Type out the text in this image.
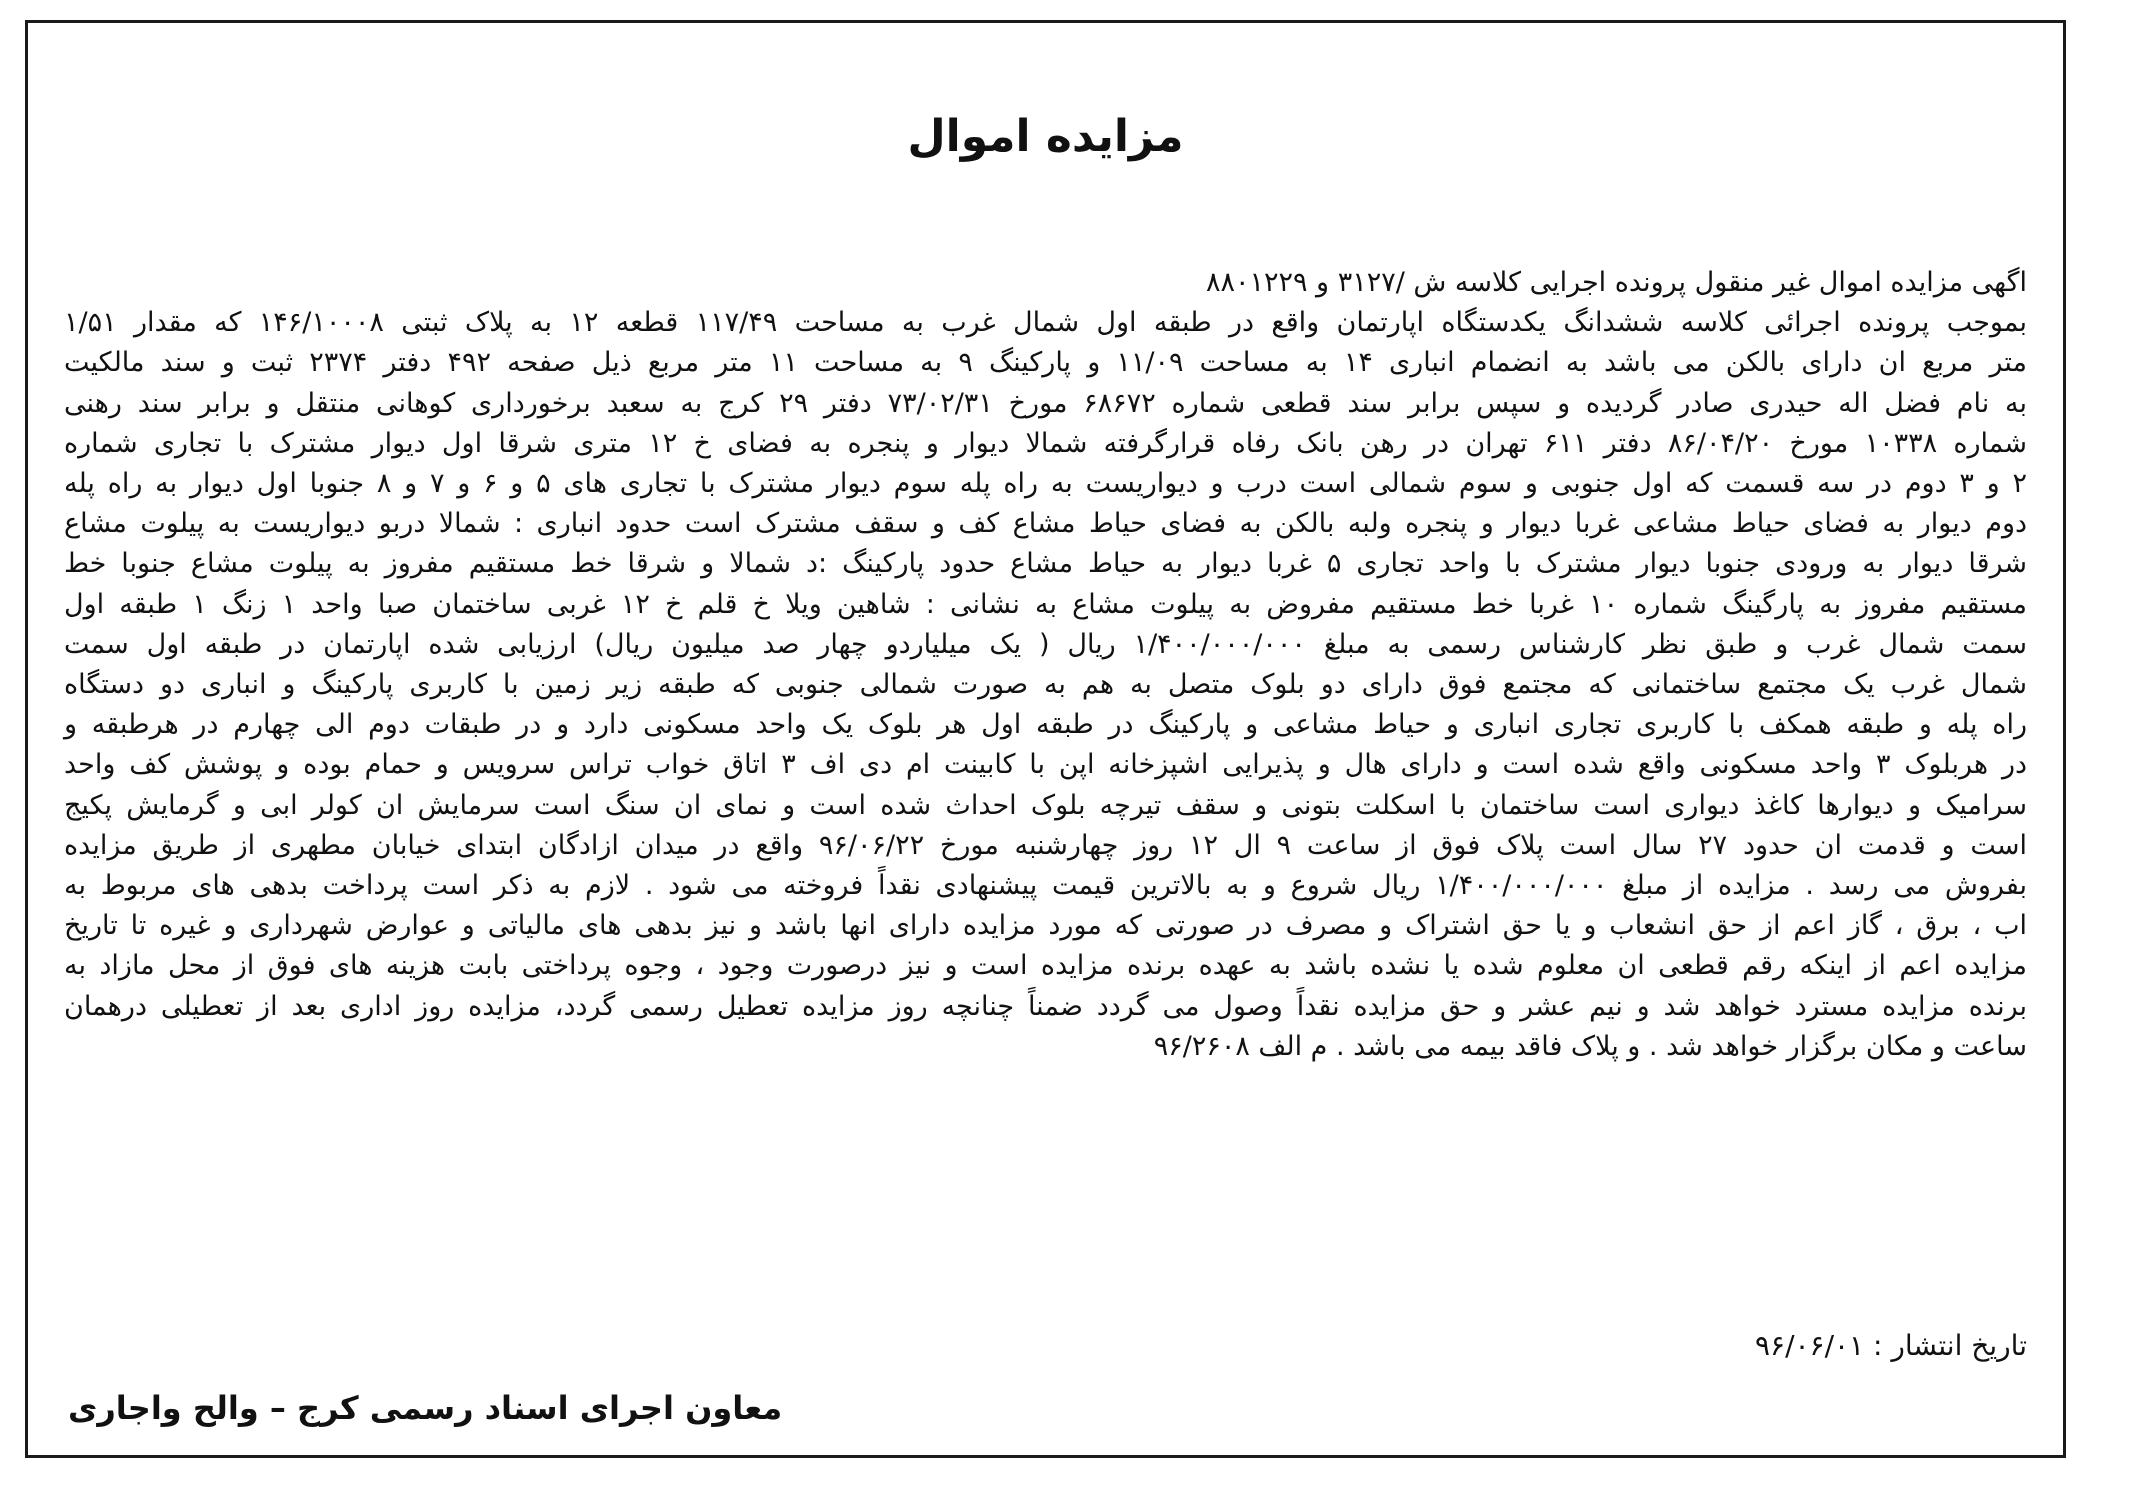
مزایده اموال
اگهی مزایده اموال غیر منقول پرونده اجرایی کلاسه ش /۳۱۲۷ و ۸۸۰۱۲۲۹
بموجب پرونده اجرائی کلاسه ششدانگ یکدستگاه اپارتمان واقع در طبقه اول شمال غرب به مساحت ۱۱۷/۴۹ قطعه ۱۲ به پلاک ثبتی ۱۴۶/۱۰۰۰۸ که مقدار ۱/۵۱
متر مربع ان دارای بالکن می باشد به انضمام انباری ۱۴ به مساحت ۱۱/۰۹ و پارکینگ ۹ به مساحت ۱۱ متر مربع ذیل صفحه ۴۹۲ دفتر ۲۳۷۴ ثبت و سند مالکیت
به نام فضل اله حیدری صادر گردیده و سپس برابر سند قطعی شماره ۶۸۶۷۲ مورخ ۷۳/۰۲/۳۱ دفتر ۲۹ کرج به سعبد برخورداری کوهانی منتقل و برابر سند رهنی
شماره ۱۰۳۳۸ مورخ ۸۶/۰۴/۲۰ دفتر ۶۱۱ تهران در رهن بانک رفاه قرارگرفته شمالا دیوار و پنجره به فضای خ ۱۲ متری شرقا اول دیوار مشترک با تجاری شماره
۲ و ۳ دوم در سه قسمت که اول جنوبی و سوم شمالی است درب و دیواریست به راه پله سوم دیوار مشترک با تجاری های ۵ و ۶ و ۷ و ۸ جنوبا اول دیوار به راه پله
دوم دیوار به فضای حیاط مشاعی غربا دیوار و پنجره ولبه بالکن به فضای حیاط مشاع کف و سقف مشترک است حدود انباری : شمالا دربو دیواریست به پیلوت مشاع
شرقا دیوار به ورودی جنوبا دیوار مشترک با واحد تجاری ۵ غربا دیوار به حیاط مشاع حدود پارکینگ :د شمالا و شرقا خط مستقیم مفروز به پیلوت مشاع جنوبا خط
مستقیم مفروز به پارگینگ شماره ۱۰ غربا خط مستقیم مفروض به پیلوت مشاع به نشانی : شاهین ویلا خ قلم خ ۱۲ غربی ساختمان صبا واحد ۱ زنگ ۱ طبقه اول
سمت شمال غرب و طبق نظر کارشناس رسمی به مبلغ ۱/۴۰۰/۰۰۰/۰۰۰ ریال ( یک میلیاردو چهار صد میلیون ریال) ارزیابی شده اپارتمان در طبقه اول سمت
شمال غرب یک مجتمع ساختمانی که مجتمع فوق دارای دو بلوک متصل به هم به صورت شمالی جنوبی که طبقه زیر زمین با کاربری پارکینگ و انباری دو دستگاه
راه پله و طبقه همکف با کاربری تجاری انباری و حیاط مشاعی و پارکینگ در طبقه اول هر بلوک یک واحد مسکونی دارد و در طبقات دوم الی چهارم در هرطبقه و
در هربلوک ۳ واحد مسکونی واقع شده است و دارای هال و پذیرایی اشپزخانه اپن با کابینت ام دی اف ۳ اتاق خواب تراس سرویس و حمام بوده و پوشش کف واحد
سرامیک و دیوارها کاغذ دیواری است ساختمان با اسکلت بتونی و سقف تیرچه بلوک احداث شده است و نمای ان سنگ است سرمایش ان کولر ابی و گرمایش پکیج
است و قدمت ان حدود ۲۷ سال است پلاک فوق از ساعت ۹ ال ۱۲ روز چهارشنبه مورخ ۹۶/۰۶/۲۲ واقع در میدان ازادگان ابتدای خیابان مطهری از طریق مزایده
بفروش می رسد . مزایده از مبلغ ۱/۴۰۰/۰۰۰/۰۰۰ ریال شروع و به بالاترین قیمت پیشنهادی نقداً فروخته می شود . لازم به ذکر است پرداخت بدهی های مربوط به
اب ، برق ، گاز اعم از حق انشعاب و یا حق اشتراک و مصرف در صورتی که مورد مزایده دارای انها باشد و نیز بدهی های مالیاتی و عوارض شهرداری و غیره تا تاریخ
مزایده اعم از اینکه رقم قطعی ان معلوم شده یا نشده باشد به عهده برنده مزایده است و نیز درصورت وجود ، وجوه پرداختی بابت هزینه های فوق از محل مازاد به
برنده مزایده مسترد خواهد شد و نیم عشر و حق مزایده نقداً وصول می گردد ضمناً چنانچه روز مزایده تعطیل رسمی گردد، مزایده روز اداری بعد از تعطیلی درهمان
ساعت و مکان برگزار خواهد شد . و پلاک فاقد بیمه می باشد . م الف ۹۶/۲۶۰۸
تاریخ انتشار : ۹۶/۰۶/۰۱
معاون اجرای اسناد رسمی کرج – والح واجاری
